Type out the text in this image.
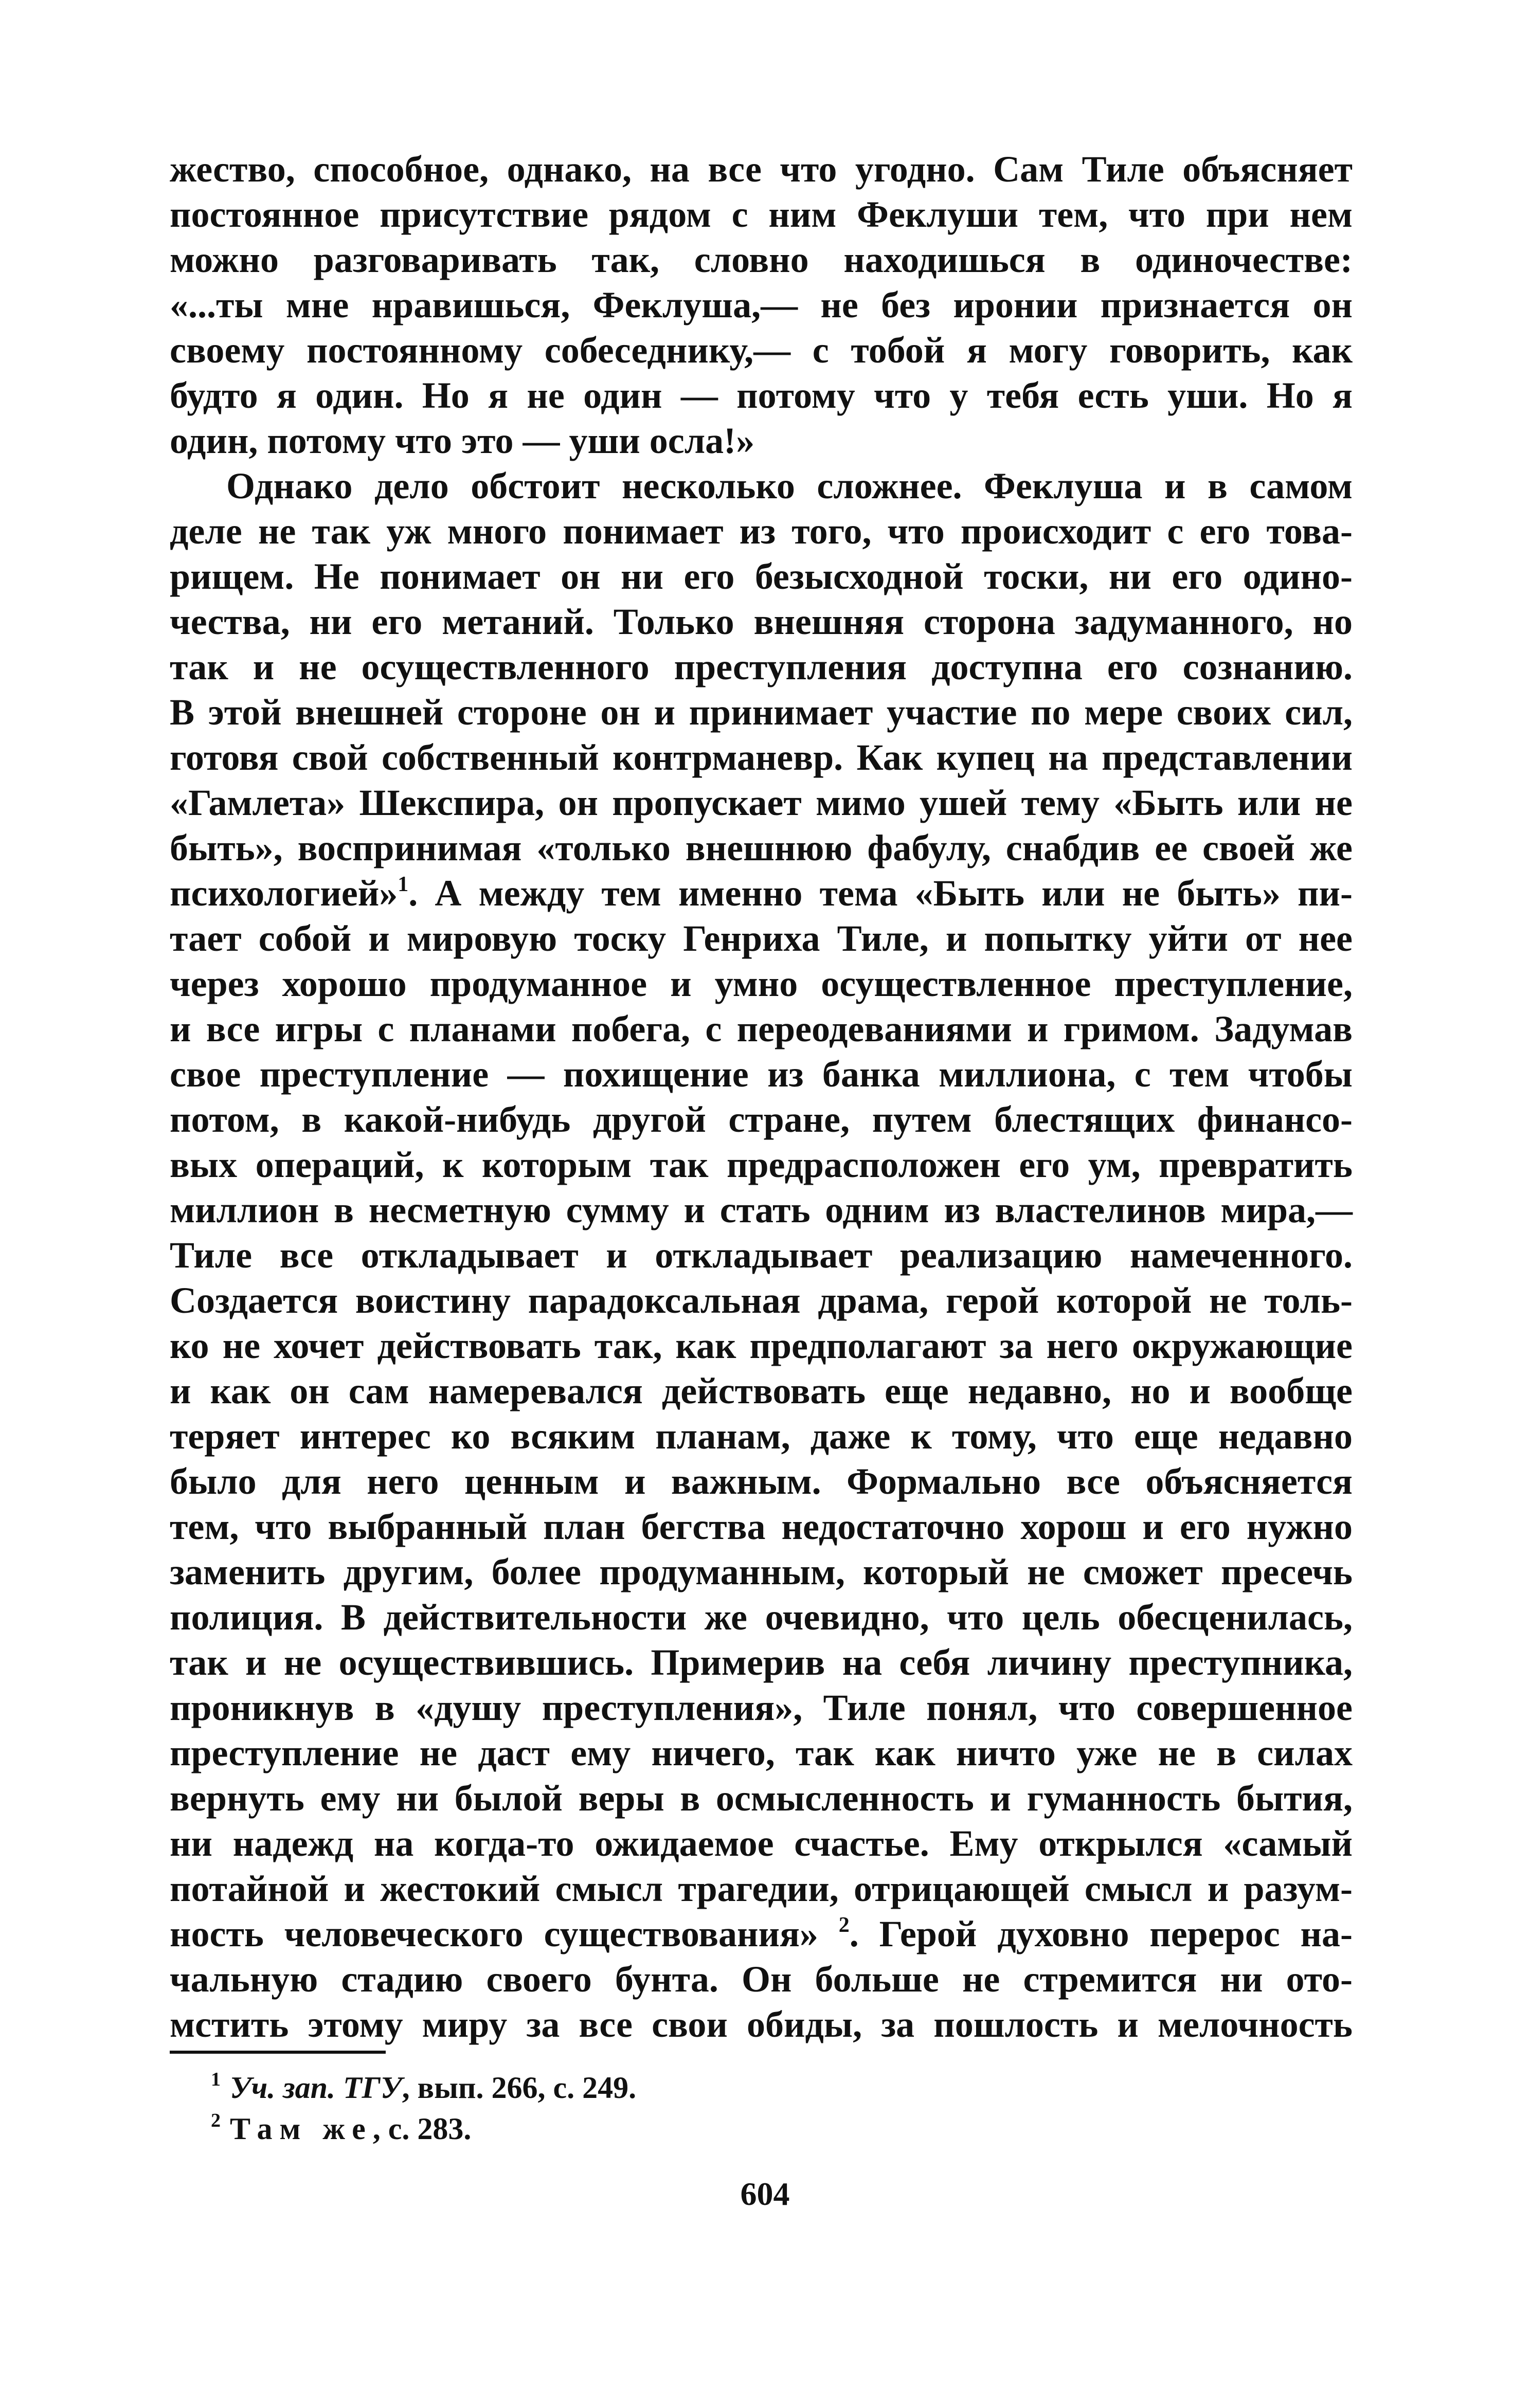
жество, способное, однако, на все что угодно. Сам Тиле объясняет
постоянное присутствие рядом с ним Феклуши тем, что при нем
можно разговаривать так, словно находишься в одиночестве:
«...ты мне нравишься, Феклуша,— не без иронии признается он
своему постоянному собеседнику,— с тобой я могу говорить, как
будто я один. Но я не один — потому что у тебя есть уши. Но я
один, потому что это — уши осла!»
Однако дело обстоит несколько сложнее. Феклуша и в самом
деле не так уж много понимает из того, что происходит с его това-
рищем. Не понимает он ни его безысходной тоски, ни его одино-
чества, ни его метаний. Только внешняя сторона задуманного, но
так и не осуществленного преступления доступна его сознанию.
В этой внешней стороне он и принимает участие по мере своих сил,
готовя свой собственный контрманевр. Как купец на представлении
«Гамлета» Шекспира, он пропускает мимо ушей тему «Быть или не
быть», воспринимая «только внешнюю фабулу, снабдив ее своей же
психологией»$^1$. А между тем именно тема «Быть или не быть» пи-
тает собой и мировую тоску Генриха Тиле, и попытку уйти от нее
через хорошо продуманное и умно осуществленное преступление,
и все игры с планами побега, с переодеваниями и гримом. Задумав
свое преступление — похищение из банка миллиона, с тем чтобы
потом, в какой-нибудь другой стране, путем блестящих финансо-
вых операций, к которым так предрасположен его ум, превратить
миллион в несметную сумму и стать одним из властелинов мира,—
Тиле все откладывает и откладывает реализацию намеченного.
Создается воистину парадоксальная драма, герой которой не толь-
ко не хочет действовать так, как предполагают за него окружающие
и как он сам намеревался действовать еще недавно, но и вообще
теряет интерес ко всяким планам, даже к тому, что еще недавно
было для него ценным и важным. Формально все объясняется
тем, что выбранный план бегства недостаточно хорош и его нужно
заменить другим, более продуманным, который не сможет пресечь
полиция. В действительности же очевидно, что цель обесценилась,
так и не осуществившись. Примерив на себя личину преступника,
проникнув в «душу преступления», Тиле понял, что совершенное
преступление не даст ему ничего, так как ничто уже не в силах
вернуть ему ни былой веры в осмысленность и гуманность бытия,
ни надежд на когда-то ожидаемое счастье. Ему открылся «самый
потайной и жестокий смысл трагедии, отрицающей смысл и разум-
ность человеческого существования» $^2$. Герой духовно перерос на-
чальную стадию своего бунта. Он больше не стремится ни ото-
мстить этому миру за все свои обиды, за пошлость и мелочность
$^1$ Уч. зап. ТГУ, вып. 266, с. 249.
$^2$ Там же, с. 283.
604
